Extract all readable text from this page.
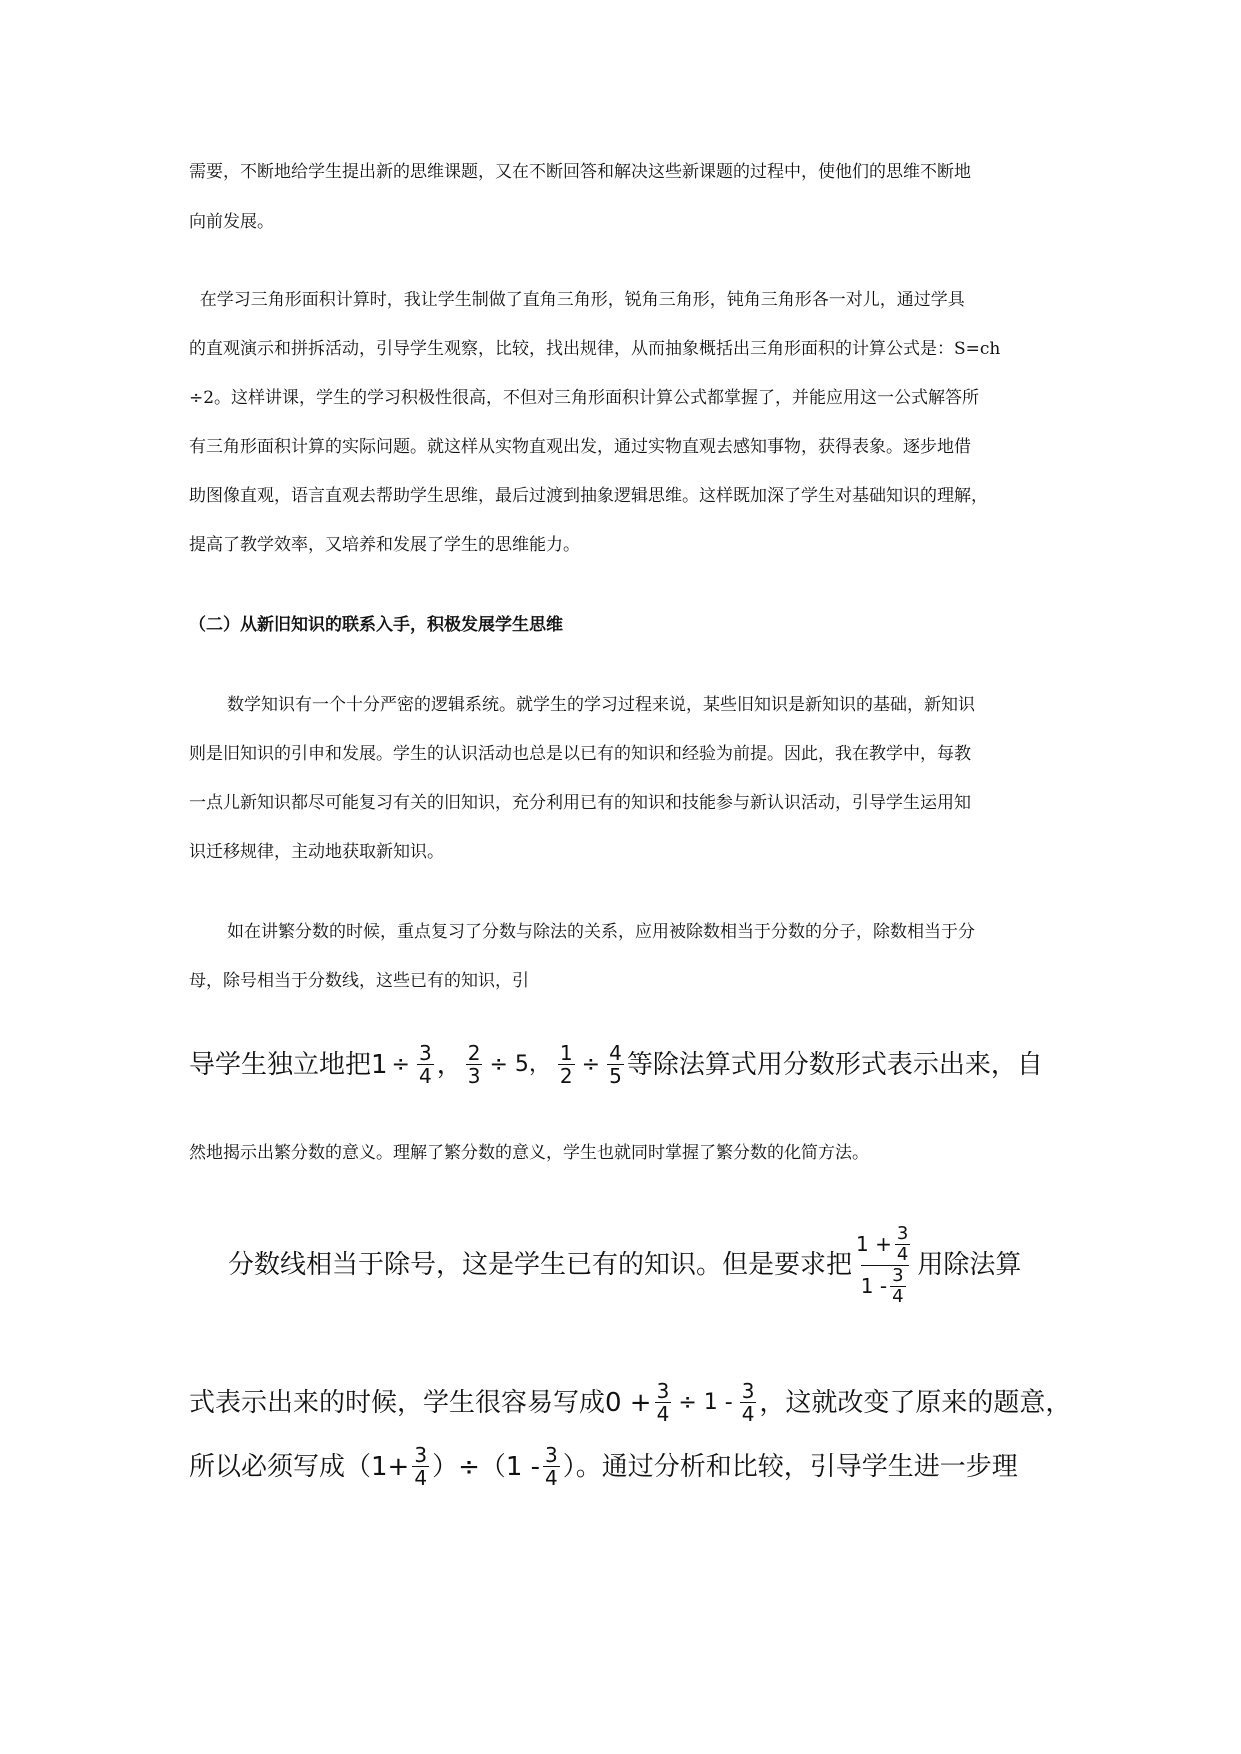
需要，不断地给学生提出新的思维课题，又在不断回答和解决这些新课题的过程中，使他们的思维不断地
向前发展。
在学习三角形面积计算时，我让学生制做了直角三角形，锐角三角形，钝角三角形各一对儿，通过学具
的直观演示和拼拆活动，引导学生观察，比较，找出规律，从而抽象概括出三角形面积的计算公式是：S=ch
÷2。这样讲课，学生的学习积极性很高，不但对三角形面积计算公式都掌握了，并能应用这一公式解答所
有三角形面积计算的实际问题。就这样从实物直观出发，通过实物直观去感知事物，获得表象。逐步地借
助图像直观，语言直观去帮助学生思维，最后过渡到抽象逻辑思维。这样既加深了学生对基础知识的理解，
提高了教学效率，又培养和发展了学生的思维能力。
（二）从新旧知识的联系入手，积极发展学生思维
数学知识有一个十分严密的逻辑系统。就学生的学习过程来说，某些旧知识是新知识的基础，新知识
则是旧知识的引申和发展。学生的认识活动也总是以已有的知识和经验为前提。因此，我在教学中，每教
一点儿新知识都尽可能复习有关的旧知识，充分利用已有的知识和技能参与新认识活动，引导学生运用知
识迁移规律，主动地获取新知识。
如在讲繁分数的时候，重点复习了分数与除法的关系，应用被除数相当于分数的分子，除数相当于分
母，除号相当于分数线，这些已有的知识，引
导学生独立地把$1 \div \frac{3}{4}$ ， $\frac{2}{3} \div 5$， $\frac{1}{2} \div \frac{4}{5}$ 等除法算式用分数形式表示出来，自
然地揭示出繁分数的意义。理解了繁分数的意义，学生也就同时掌握了繁分数的化简方法。
分数线相当于除号，这是学生已有的知识。但是要求把 $\frac{1 + \frac{3}{4}}{1 - \frac{3}{4}}$ 用除法算
式表示出来的时候，学生很容易写成$0 + \frac{3}{4} \div 1 - \frac{3}{4}$ ，这就改变了原来的题意，
所以必须写成$(1+ \frac{3}{4} )\div(1 - \frac{3}{4}$ ）。通过分析和比较，引导学生进一步理
